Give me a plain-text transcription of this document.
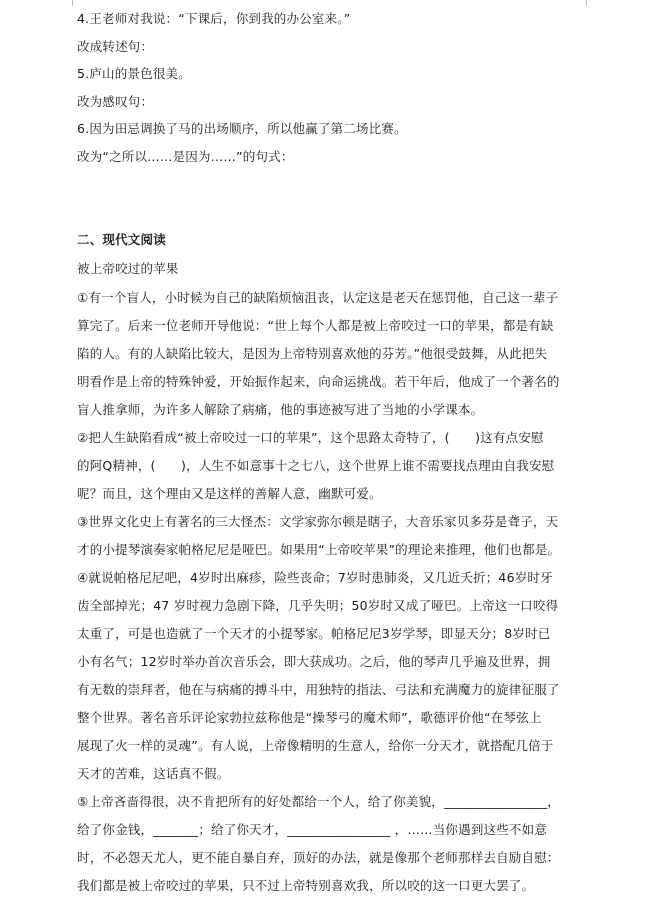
4.王老师对我说：“下课后，你到我的办公室来。”
改成转述句：
5.庐山的景色很美。
改为感叹句：
6.因为田忌调换了马的出场顺序，所以他赢了第二场比赛。
改为“之所以……是因为……”的句式：
二、现代文阅读
被上帝咬过的苹果
①有一个盲人，小时候为自己的缺陷烦恼沮丧，认定这是老天在惩罚他，自己这一辈子
算完了。后来一位老师开导他说：“世上每个人都是被上帝咬过一口的苹果，都是有缺
陷的人。有的人缺陷比较大，是因为上帝特别喜欢他的芬芳。”他很受鼓舞，从此把失
明看作是上帝的特殊钟爱，开始振作起来，向命运挑战。若干年后，他成了一个著名的
盲人推拿师，为许多人解除了病痛，他的事迹被写进了当地的小学课本。
②把人生缺陷看成“被上帝咬过一口的苹果”，这个思路太奇特了，(　　)这有点安慰
的阿Q精神，(　　)，人生不如意事十之七八，这个世界上谁不需要找点理由自我安慰
呢？而且，这个理由又是这样的善解人意，幽默可爱。
③世界文化史上有著名的三大怪杰：文学家弥尔顿是瞎子，大音乐家贝多芬是聋子，天
才的小提琴演奏家帕格尼尼是哑巴。如果用“上帝咬苹果”的理论来推理，他们也都是。
④就说帕格尼尼吧，4岁时出麻疹，险些丧命；7岁时患肺炎，又几近夭折；46岁时牙
齿全部掉光；47 岁时视力急剧下降，几乎失明；50岁时又成了哑巴。上帝这一口咬得
太重了，可是也造就了一个天才的小提琴家。帕格尼尼3岁学琴，即显天分；8岁时已
小有名气；12岁时举办首次音乐会，即大获成功。之后，他的琴声几乎遍及世界，拥
有无数的崇拜者，他在与病痛的搏斗中，用独特的指法、弓法和充满魔力的旋律征服了
整个世界。著名音乐评论家勃拉兹称他是“操琴弓的魔术师”，歌德评价他“在琴弦上
展现了火一样的灵魂”。有人说，上帝像精明的生意人，给你一分天才，就搭配几倍于
天才的苦难，这话真不假。
⑤上帝吝啬得很，决不肯把所有的好处都给一个人，给了你美貌，________________，
给了你金钱，_______；给了你天才，________________ ，……当你遇到这些不如意
时，不必怨天尤人，更不能自暴自弃，顶好的办法，就是像那个老师那样去自励自慰：
我们都是被上帝咬过的苹果，只不过上帝特别喜欢我，所以咬的这一口更大罢了。
